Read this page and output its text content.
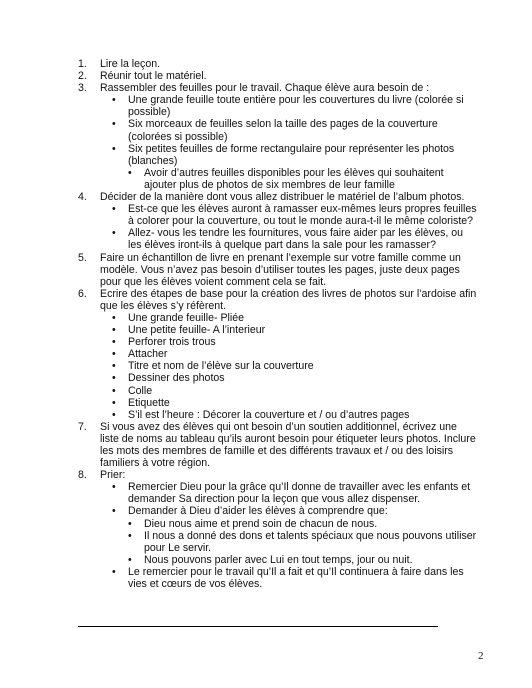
1. Lire la leçon.
2. Réunir tout le matériel.
3. Rassembler des feuilles pour le travail. Chaque élève aura besoin de :
• Une grande feuille toute entière pour les couvertures du livre (colorée si possible)
• Six morceaux de feuilles selon la taille des pages de la couverture (colorées si possible)
• Six petites feuilles de forme rectangulaire pour représenter les photos (blanches)
• Avoir d’autres feuilles disponibles pour les élèves qui souhaitent ajouter plus de photos de six membres de leur famille
4. Décider de la manière dont vous allez distribuer le matériel de l’album photos.
• Est-ce que les élèves auront à ramasser eux-mêmes leurs propres feuilles à colorer pour la couverture, ou tout le monde aura-t-il le même coloriste?
• Allez- vous les tendre les fournitures, vous faire aider par les élèves, ou les élèves iront-ils à quelque part dans la sale pour les ramasser?
5. Faire un échantillon de livre en prenant l’exemple sur votre famille comme un modèle. Vous n’avez pas besoin d’utiliser toutes les pages, juste deux pages pour que les élèves voient comment cela se fait.
6. Ecrire des étapes de base pour la création des livres de photos sur l’ardoise afin que les élèves s’y réfèrent.
• Une grande feuille- Pliée
• Une petite feuille- A l’interieur
• Perforer trois trous
• Attacher
• Titre et nom de l’élève sur la couverture
• Dessiner des photos
• Colle
• Etiquette
• S’il est l’heure : Décorer la couverture et / ou d’autres pages
7. Si vous avez des élèves qui ont besoin d’un soutien additionnel, écrivez une liste de noms au tableau qu’ils auront besoin pour étiqueter leurs photos. Inclure les mots des membres de famille et des différents travaux et / ou des loisirs familiers à votre région.
8. Prier:
• Remercier Dieu pour la grâce qu’Il donne de travailler avec les enfants et demander Sa direction pour la leçon que vous allez dispenser.
• Demander à Dieu d’aider les élèves à comprendre que:
• Dieu nous aime et prend soin de chacun de nous.
• Il nous a donné des dons et talents spéciaux que nous pouvons utiliser pour Le servir.
• Nous pouvons parler avec Lui en tout temps, jour ou nuit.
• Le remercier pour le travail qu’Il a fait et qu’Il continuera à faire dans les vies et cœurs de vos élèves.
2
